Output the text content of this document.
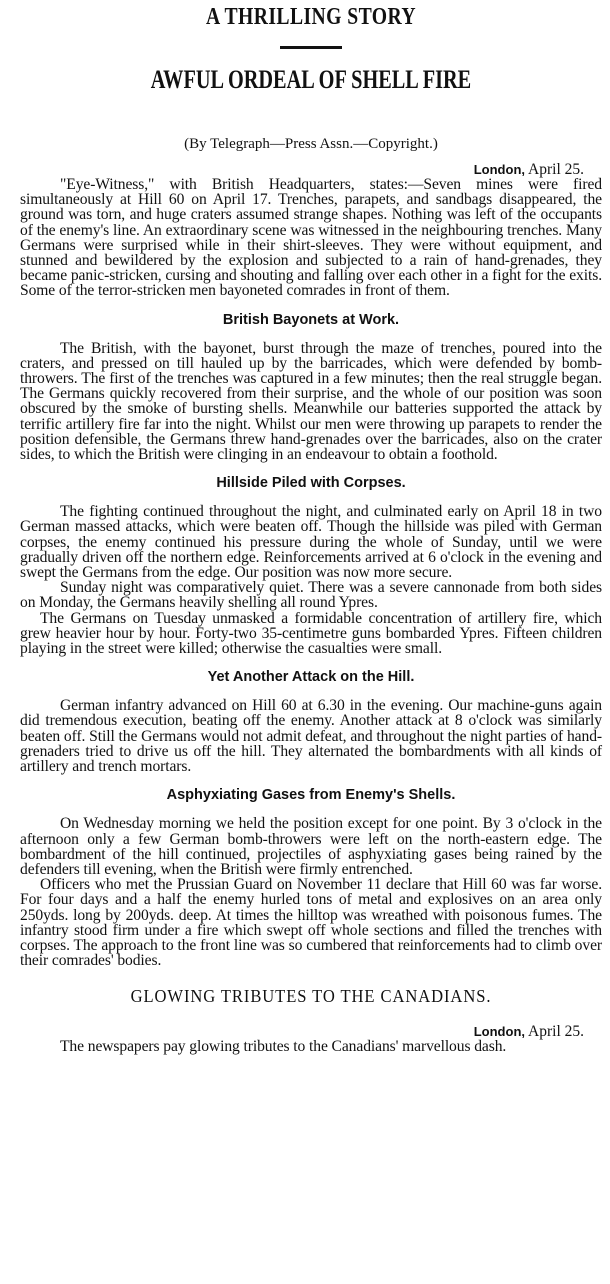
A THRILLING STORY
AWFUL ORDEAL OF SHELL FIRE
(By Telegraph—Press Assn.—Copyright.)
London, April 25.

"Eye-Witness," with British Headquarters, states:—Seven mines were fired simultaneously at Hill 60 on April 17. Trenches, parapets, and sandbags disappeared, the ground was torn, and huge craters assumed strange shapes. Nothing was left of the occupants of the enemy's line. An extraordinary scene was witnessed in the neighbouring trenches. Many Germans were surprised while in their shirt-sleeves. They were without equipment, and stunned and bewildered by the explosion and subjected to a rain of hand-grenades, they became panic-stricken, cursing and shouting and falling over each other in a fight for the exits. Some of the terror-stricken men bayoneted comrades in front of them.

British Bayonets at Work.

The British, with the bayonet, burst through the maze of trenches, poured into the craters, and pressed on till hauled up by the barricades, which were defended by bomb-throwers. The first of the trenches was captured in a few minutes; then the real struggle began. The Germans quickly recovered from their surprise, and the whole of our position was soon obscured by the smoke of bursting shells. Meanwhile our batteries supported the attack by terrific artillery fire far into the night. Whilst our men were throwing up parapets to render the position defensible, the Germans threw hand-grenades over the barricades, also on the crater sides, to which the British were clinging in an endeavour to obtain a foothold.

Hillside Piled with Corpses.

The fighting continued throughout the night, and culminated early on April 18 in two German massed attacks, which were beaten off. Though the hillside was piled with German corpses, the enemy continued his pressure during the whole of Sunday, until we were gradually driven off the northern edge. Reinforcements arrived at 6 o'clock in the evening and swept the Germans from the edge. Our position was now more secure.

Sunday night was comparatively quiet. There was a severe cannonade from both sides on Monday, the Germans heavily shelling all round Ypres.

The Germans on Tuesday unmasked a formidable concentration of artillery fire, which grew heavier hour by hour. Forty-two 35-centimetre guns bombarded Ypres. Fifteen children playing in the street were killed; otherwise the casualties were small.

Yet Another Attack on the Hill.

German infantry advanced on Hill 60 at 6.30 in the evening. Our machine-guns again did tremendous execution, beating off the enemy. Another attack at 8 o'clock was similarly beaten off. Still the Germans would not admit defeat, and throughout the night parties of hand-grenaders tried to drive us off the hill. They alternated the bombardments with all kinds of artillery and trench mortars.

Asphyxiating Gases from Enemy's Shells.

On Wednesday morning we held the position except for one point. By 3 o'clock in the afternoon only a few German bomb-throwers were left on the north-eastern edge. The bombardment of the hill continued, projectiles of asphyxiating gases being rained by the defenders till evening, when the British were firmly entrenched.

Officers who met the Prussian Guard on November 11 declare that Hill 60 was far worse. For four days and a half the enemy hurled tons of metal and explosives on an area only 250yds. long by 200yds. deep. At times the hilltop was wreathed with poisonous fumes. The infantry stood firm under a fire which swept off whole sections and filled the trenches with corpses. The approach to the front line was so cumbered that reinforcements had to climb over their comrades' bodies.

GLOWING TRIBUTES TO THE CANADIANS.
London, April 25.

The newspapers pay glowing tributes to the Canadians' marvellous dash.
